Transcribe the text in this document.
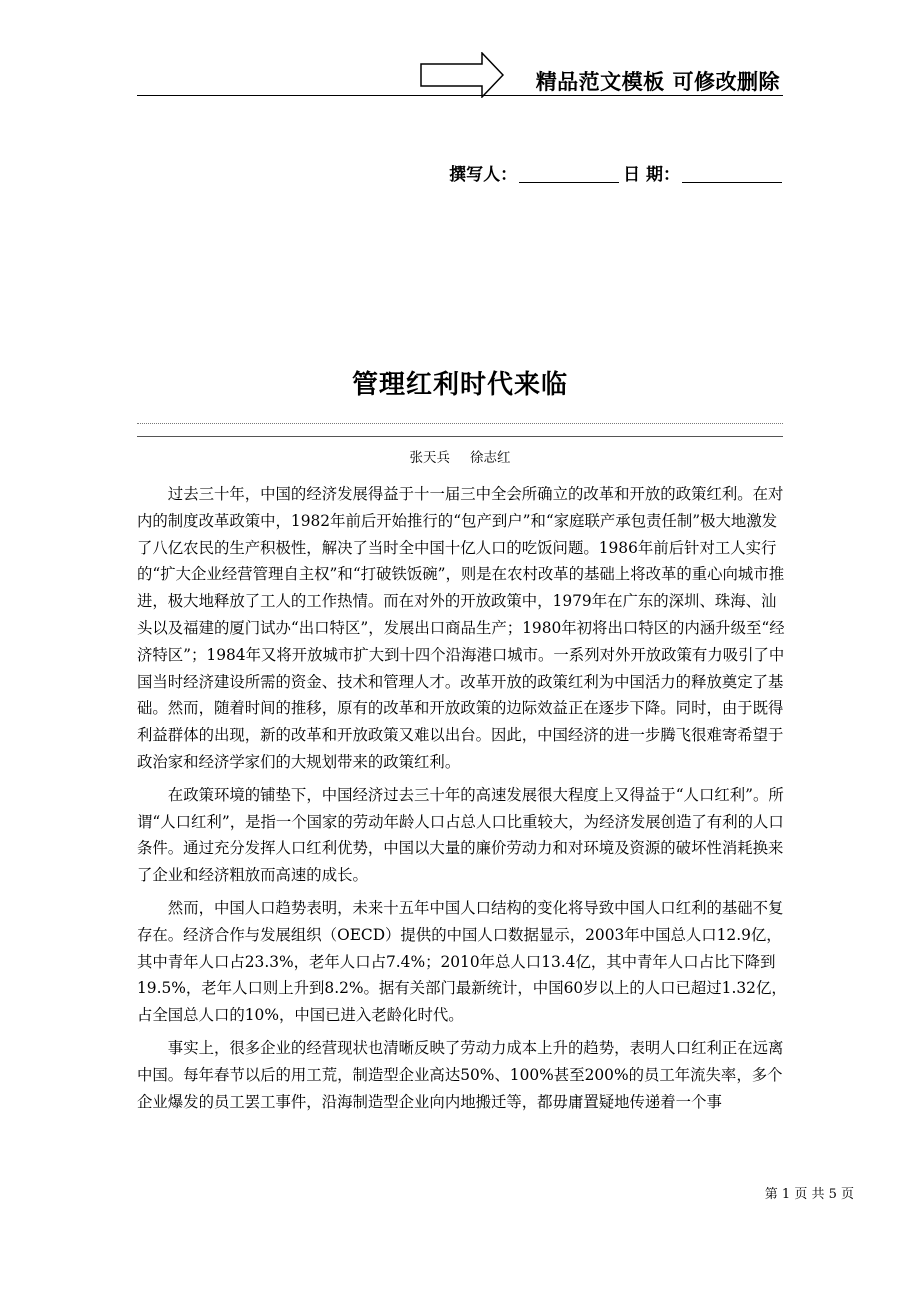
精品范文模板 可修改删除
撰写人：	日 期：
管理红利时代来临
张天兵 徐志红

过去三十年，中国的经济发展得益于十一届三中全会所确立的改革和开放的政策红利。在对内的制度改革政策中，1982年前后开始推行的“包产到户”和“家庭联产承包责任制”极大地激发了八亿农民的生产积极性，解决了当时全中国十亿人口的吃饭问题。1986年前后针对工人实行的“扩大企业经营管理自主权”和“打破铁饭碗”，则是在农村改革的基础上将改革的重心向城市推进，极大地释放了工人的工作热情。而在对外的开放政策中，1979年在广东的深圳、珠海、汕头以及福建的厦门试办“出口特区”，发展出口商品生产；1980年初将出口特区的内涵升级至“经济特区”；1984年又将开放城市扩大到十四个沿海港口城市。一系列对外开放政策有力吸引了中国当时经济建设所需的资金、技术和管理人才。改革开放的政策红利为中国活力的释放奠定了基础。然而，随着时间的推移，原有的改革和开放政策的边际效益正在逐步下降。同时，由于既得利益群体的出现，新的改革和开放政策又难以出台。因此，中国经济的进一步腾飞很难寄希望于政治家和经济学家们的大规划带来的政策红利。

在政策环境的铺垫下，中国经济过去三十年的高速发展很大程度上又得益于“人口红利”。所谓“人口红利”，是指一个国家的劳动年龄人口占总人口比重较大，为经济发展创造了有利的人口条件。通过充分发挥人口红利优势，中国以大量的廉价劳动力和对环境及资源的破坏性消耗换来了企业和经济粗放而高速的成长。

然而，中国人口趋势表明，未来十五年中国人口结构的变化将导致中国人口红利的基础不复存在。经济合作与发展组织（OECD）提供的中国人口数据显示，2003年中国总人口12.9亿，其中青年人口占23.3%，老年人口占7.4%；2010年总人口13.4亿，其中青年人口占比下降到19.5%，老年人口则上升到8.2%。据有关部门最新统计，中国60岁以上的人口已超过1.32亿，占全国总人口的10%，中国已进入老龄化时代。

事实上，很多企业的经营现状也清晰反映了劳动力成本上升的趋势，表明人口红利正在远离中国。每年春节以后的用工荒，制造型企业高达50%、100%甚至200%的员工年流失率，多个企业爆发的员工罢工事件，沿海制造型企业向内地搬迁等，都毋庸置疑地传递着一个事

第 1 页 共 5 页
